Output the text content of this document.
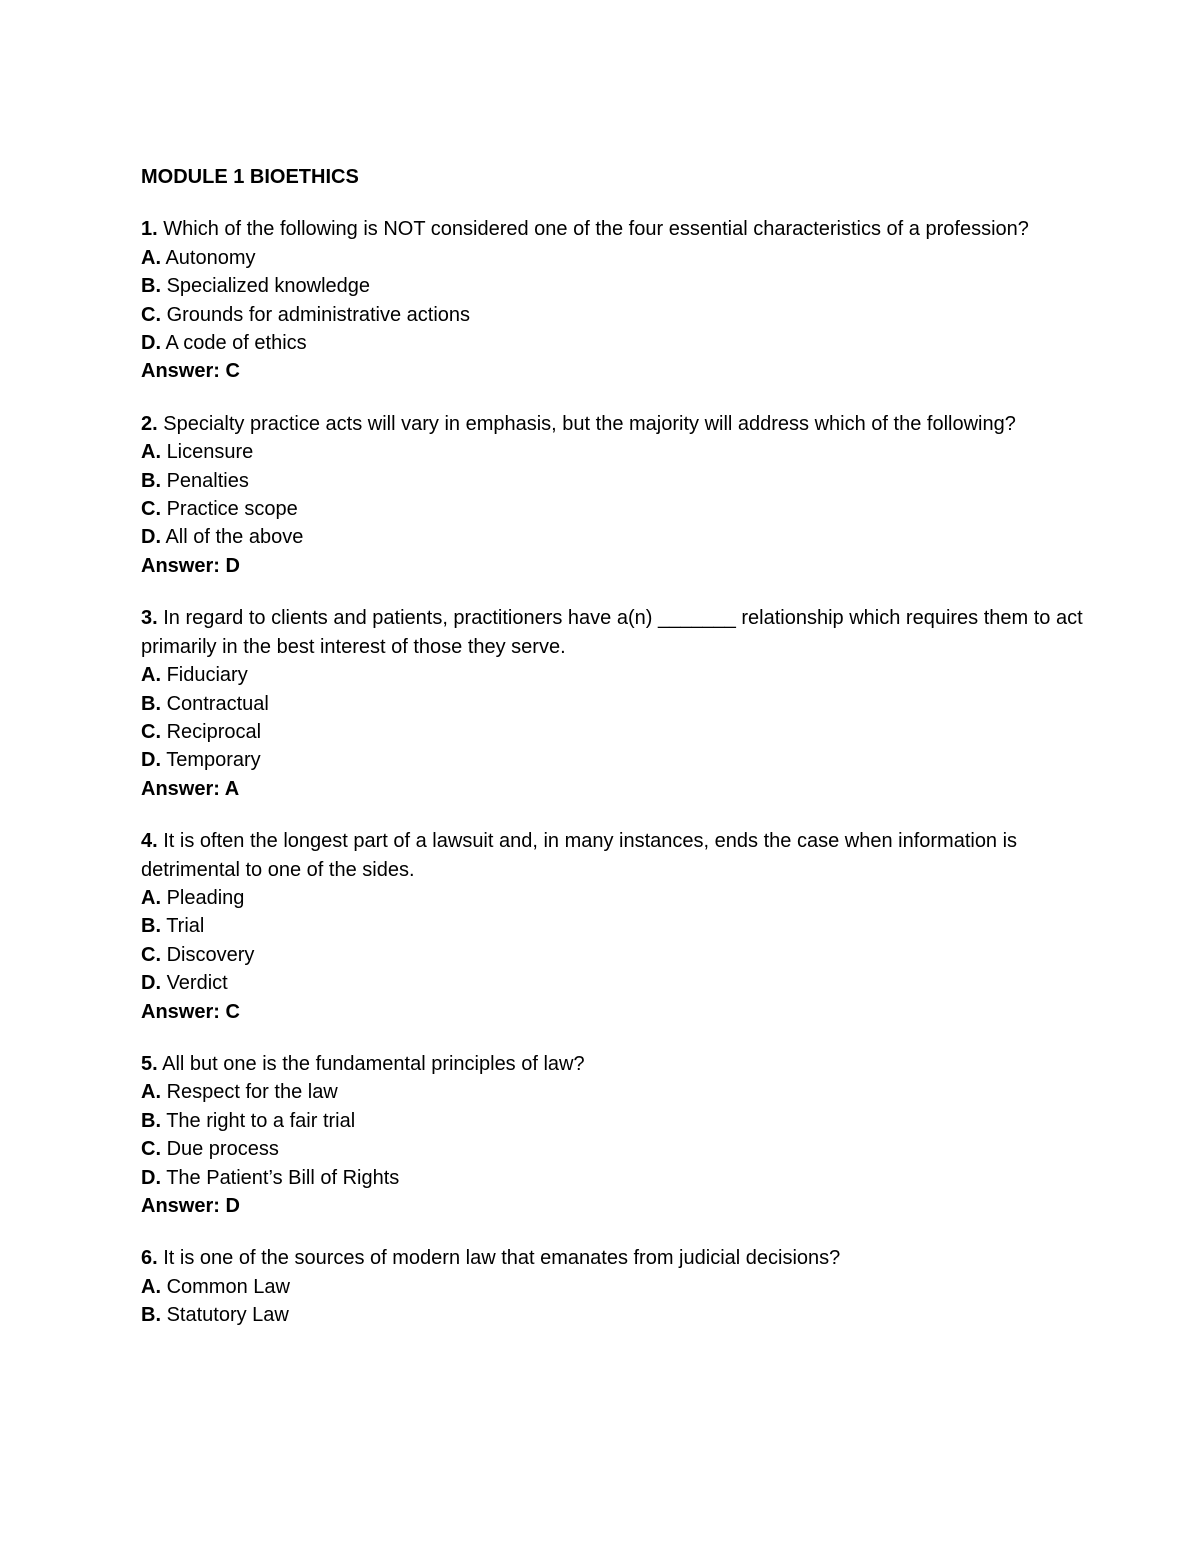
MODULE 1 BIOETHICS

1. Which of the following is NOT considered one of the four essential characteristics of a profession?

A. Autonomy

B. Specialized knowledge

C. Grounds for administrative actions

D. A code of ethics

Answer: C

2. Specialty practice acts will vary in emphasis, but the majority will address which of the following?

A. Licensure

B. Penalties

C. Practice scope

D. All of the above

Answer: D

3. In regard to clients and patients, practitioners have a(n) _______ relationship which requires them to act primarily in the best interest of those they serve.

A. Fiduciary

B. Contractual

C. Reciprocal

D. Temporary

Answer: A

4. It is often the longest part of a lawsuit and, in many instances, ends the case when information is detrimental to one of the sides.

A. Pleading

B. Trial

C. Discovery

D. Verdict

Answer: C

5. All but one is the fundamental principles of law?

A. Respect for the law

B. The right to a fair trial

C. Due process

D. The Patient’s Bill of Rights

Answer: D

6. It is one of the sources of modern law that emanates from judicial decisions?

A. Common Law

B. Statutory Law
